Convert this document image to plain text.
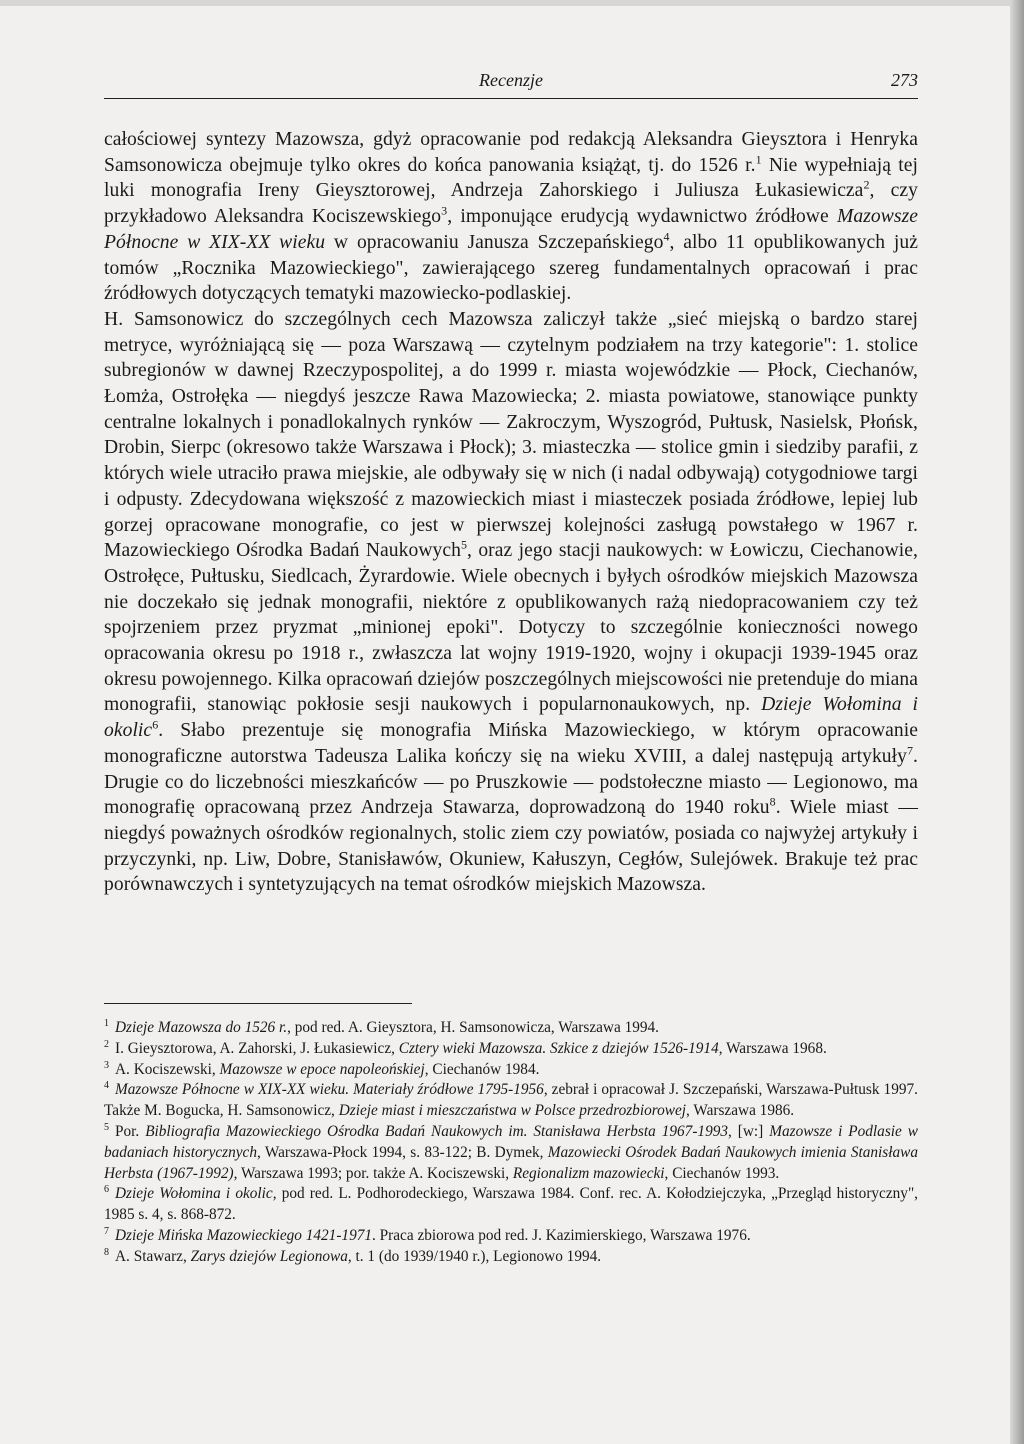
Recenzje	273

całościowej syntezy Mazowsza, gdyż opracowanie pod redakcją Aleksandra Gieysztora i Henryka Samsonowicza obejmuje tylko okres do końca panowania książąt, tj. do 1526 r.$^1$ Nie wypełniają tej luki monografia Ireny Gieysztorowej, Andrzeja Zahorskiego i Juliusza Łukasiewicza$^2$, czy przykładowo Aleksandra Kociszewskiego$^3$, imponujące erudycją wydawnictwo źródłowe Mazowsze Północne w XIX-XX wieku w opracowaniu Janusza Szczepańskiego$^4$, albo 11 opublikowanych już tomów „Rocznika Mazowieckiego", zawierającego szereg fundamentalnych opracowań i prac źródłowych dotyczących tematyki mazowiecko-podlaskiej.

H. Samsonowicz do szczególnych cech Mazowsza zaliczył także „sieć miejską o bardzo starej metryce, wyróżniającą się — poza Warszawą — czytelnym podziałem na trzy kategorie": 1. stolice subregionów w dawnej Rzeczypospolitej, a do 1999 r. miasta wojewódzkie — Płock, Ciechanów, Łomża, Ostrołęka — niegdyś jeszcze Rawa Mazowiecka; 2. miasta powiatowe, stanowiące punkty centralne lokalnych i ponadlokalnych rynków — Zakroczym, Wyszogród, Pułtusk, Nasielsk, Płońsk, Drobin, Sierpc (okresowo także Warszawa i Płock); 3. miasteczka — stolice gmin i siedziby parafii, z których wiele utraciło prawa miejskie, ale odbywały się w nich (i nadal odbywają) cotygodniowe targi i odpusty. Zdecydowana większość z mazowieckich miast i miasteczek posiada źródłowe, lepiej lub gorzej opracowane monografie, co jest w pierwszej kolejności zasługą powstałego w 1967 r. Mazowieckiego Ośrodka Badań Naukowych$^5$, oraz jego stacji naukowych: w Łowiczu, Ciechanowie, Ostrołęce, Pułtusku, Siedlcach, Żyrardowie. Wiele obecnych i byłych ośrodków miejskich Mazowsza nie doczekało się jednak monografii, niektóre z opublikowanych rażą niedopracowaniem czy też spojrzeniem przez pryzmat „minionej epoki". Dotyczy to szczególnie konieczności nowego opracowania okresu po 1918 r., zwłaszcza lat wojny 1919-1920, wojny i okupacji 1939-1945 oraz okresu powojennego. Kilka opracowań dziejów poszczególnych miejscowości nie pretenduje do miana monografii, stanowiąc pokłosie sesji naukowych i popularnonaukowych, np. Dzieje Wołomina i okolic$^6$. Słabo prezentuje się monografia Mińska Mazowieckiego, w którym opracowanie monograficzne autorstwa Tadeusza Lalika kończy się na wieku XVIII, a dalej następują artykuły$^7$. Drugie co do liczebności mieszkańców — po Pruszkowie — podstołeczne miasto — Legionowo, ma monografię opracowaną przez Andrzeja Stawarza, doprowadzoną do 1940 roku$^8$. Wiele miast — niegdyś poważnych ośrodków regionalnych, stolic ziem czy powiatów, posiada co najwyżej artykuły i przyczynki, np. Liw, Dobre, Stanisławów, Okuniew, Kałuszyn, Cegłów, Sulejówek. Brakuje też prac porównawczych i syntetyzujących na temat ośrodków miejskich Mazowsza.

$^1$ Dzieje Mazowsza do 1526 r., pod red. A. Gieysztora, H. Samsonowicza, Warszawa 1994.

$^2$ I. Gieysztorowa, A. Zahorski, J. Łukasiewicz, Cztery wieki Mazowsza. Szkice z dziejów 1526-1914, Warszawa 1968.

$^3$ A. Kociszewski, Mazowsze w epoce napoleońskiej, Ciechanów 1984.

$^4$ Mazowsze Północne w XIX-XX wieku. Materiały źródłowe 1795-1956, zebrał i opracował J. Szczepański, Warszawa-Pułtusk 1997. Także M. Bogucka, H. Samsonowicz, Dzieje miast i mieszczaństwa w Polsce przedrozbiorowej, Warszawa 1986.

$^5$ Por. Bibliografia Mazowieckiego Ośrodka Badań Naukowych im. Stanisława Herbsta 1967-1993, [w:] Mazowsze i Podlasie w badaniach historycznych, Warszawa-Płock 1994, s. 83-122; B. Dymek, Mazowiecki Ośrodek Badań Naukowych imienia Stanisława Herbsta (1967-1992), Warszawa 1993; por. także A. Kociszewski, Regionalizm mazowiecki, Ciechanów 1993.

$^6$ Dzieje Wołomina i okolic, pod red. L. Podhorodeckiego, Warszawa 1984. Conf. rec. A. Kołodziejczyka, „Przegląd historyczny", 1985 s. 4, s. 868-872.

$^7$ Dzieje Mińska Mazowieckiego 1421-1971. Praca zbiorowa pod red. J. Kazimierskiego, Warszawa 1976.

$^8$ A. Stawarz, Zarys dziejów Legionowa, t. 1 (do 1939/1940 r.), Legionowo 1994.
